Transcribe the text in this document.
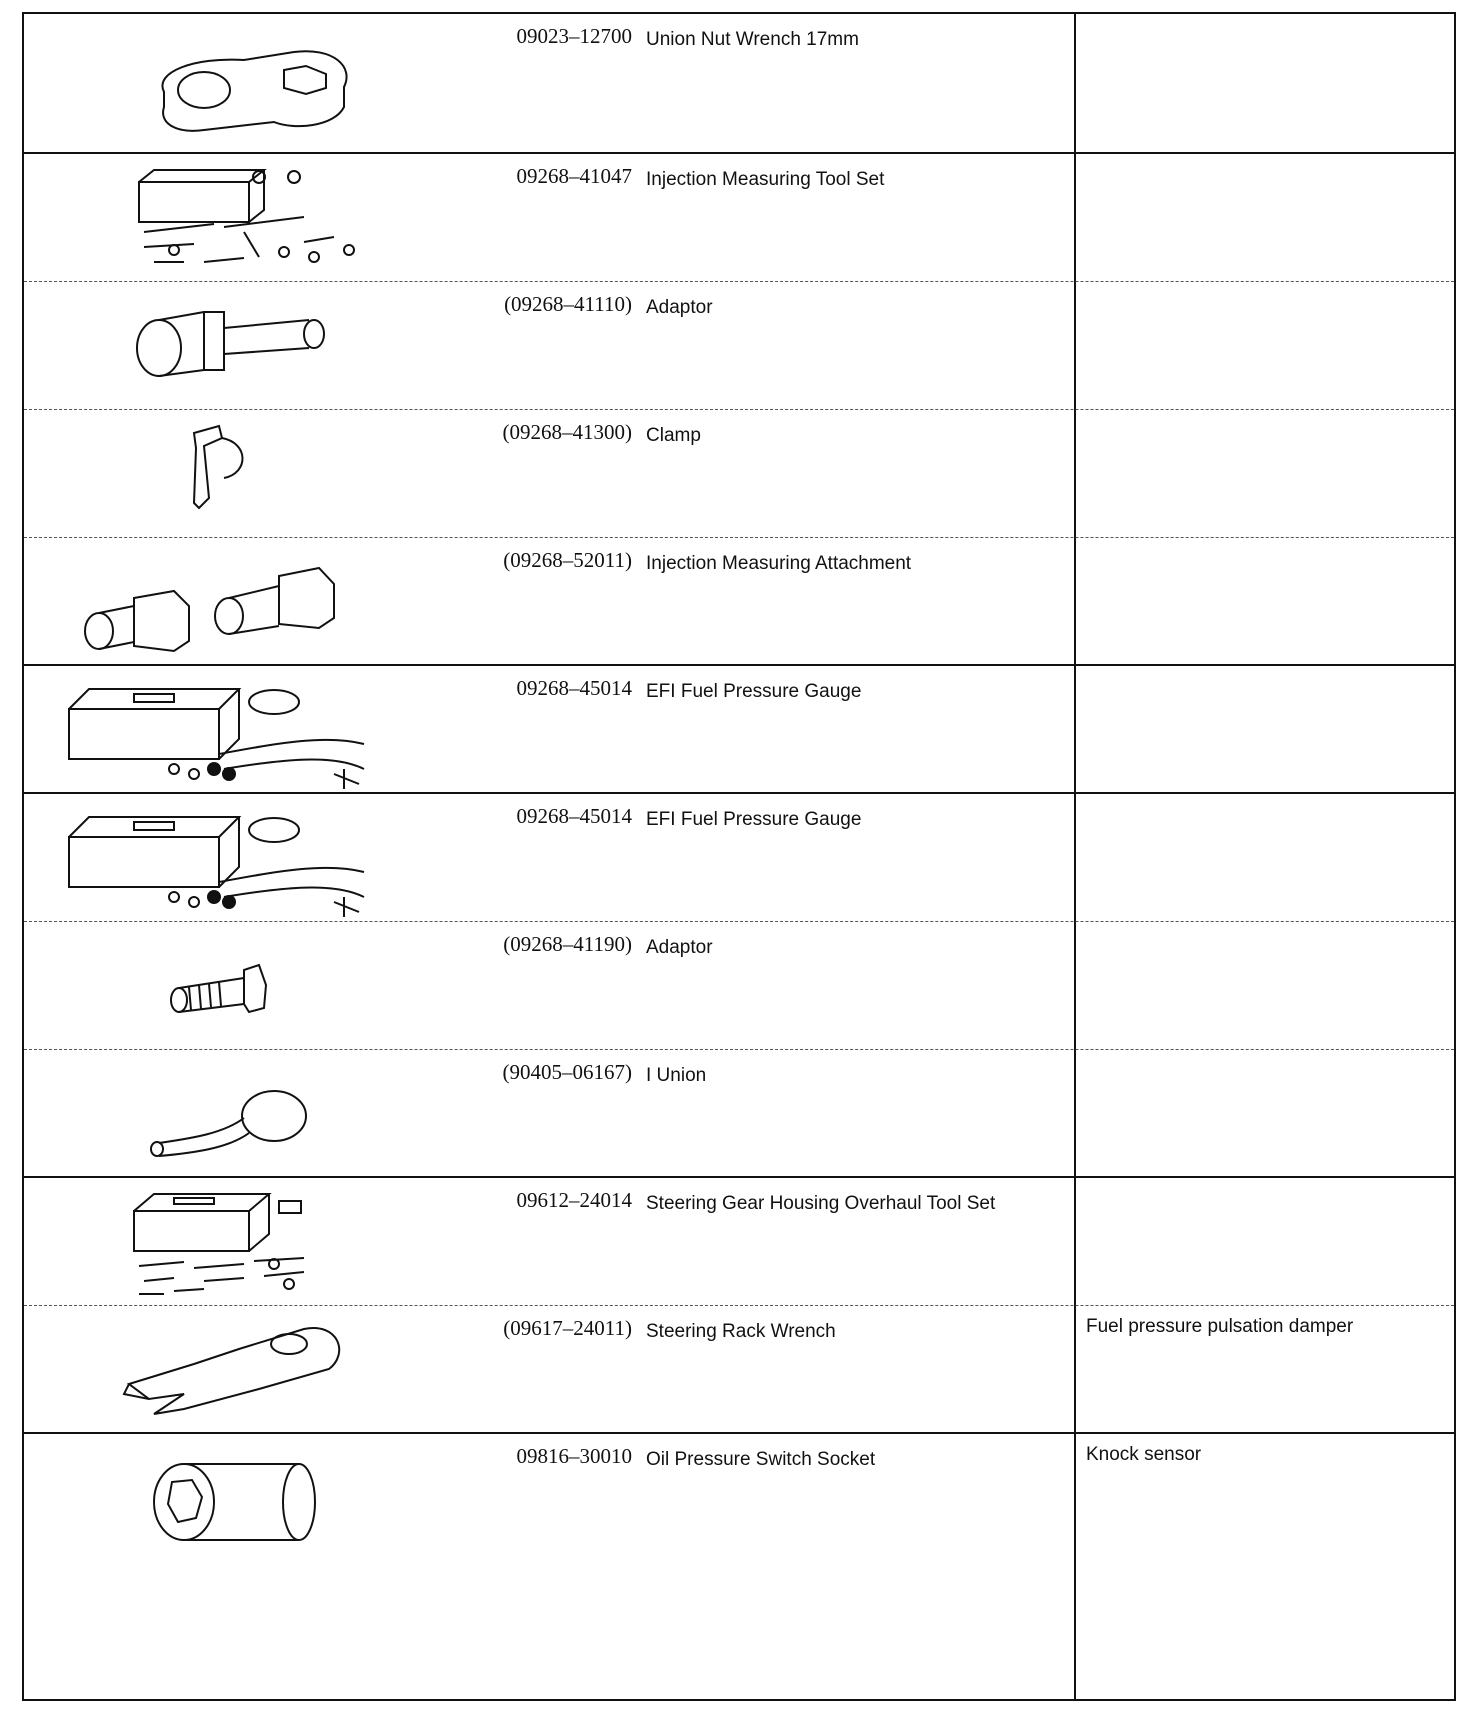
09023–12700 Union Nut Wrench 17mm
09268–41047 Injection Measuring Tool Set
(09268–41110) Adaptor
(09268–41300) Clamp
(09268–52011) Injection Measuring Attachment
09268–45014 EFI Fuel Pressure Gauge
09268–45014 EFI Fuel Pressure Gauge
(09268–41190) Adaptor
(90405–06167) I Union
09612–24014 Steering Gear Housing Overhaul Tool Set
(09617–24011) Steering Rack Wrench	Fuel pressure pulsation damper
09816–30010 Oil Pressure Switch Socket	Knock sensor
